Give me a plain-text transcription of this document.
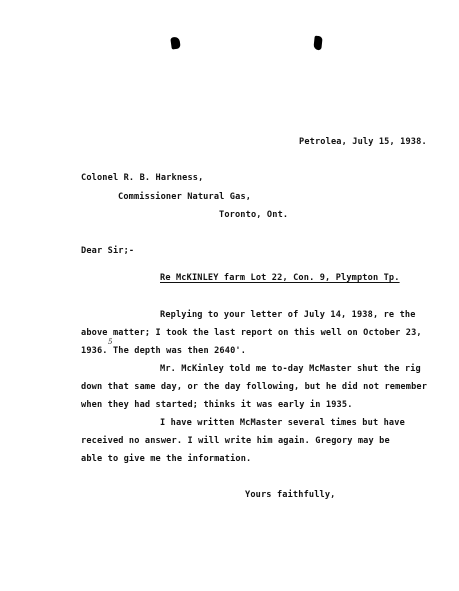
Petrolea, July 15, 1938.
Colonel R. B. Harkness,
Commissioner Natural Gas,
Toronto, Ont.
Dear Sir;-
Re McKINLEY farm Lot 22, Con. 9, Plympton Tp.
Replying to your letter of July 14, 1938, re the
above matter; I took the last report on this well on October 23,
1936. The depth was then 2640'.
5
Mr. McKinley told me to-day McMaster shut the rig
down that same day, or the day following, but he did not remember
when they had started; thinks it was early in 1935.
I have written McMaster several times but have
received no answer. I will write him again. Gregory may be
able to give me the information.
Yours faithfully,
